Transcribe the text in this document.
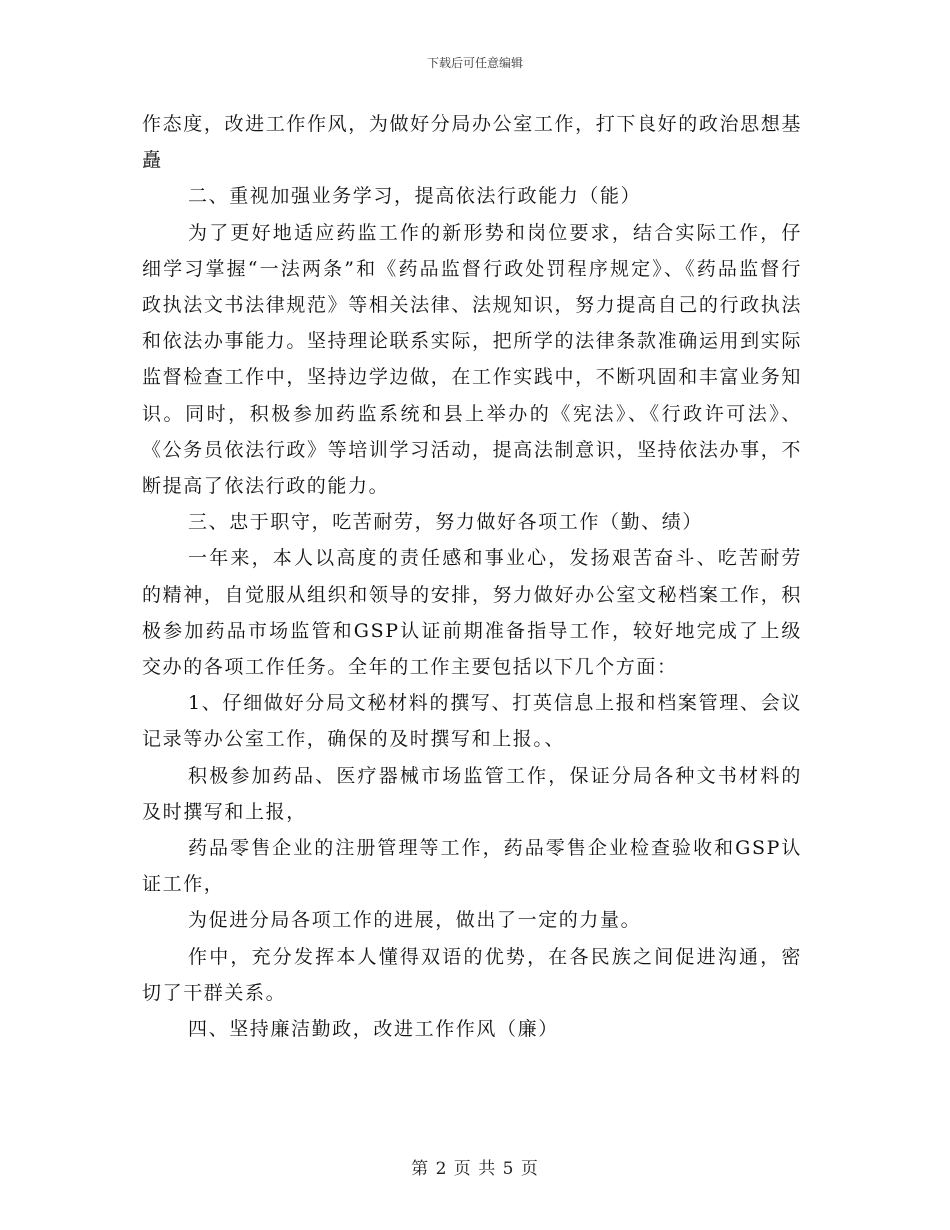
下载后可任意编辑

作态度，改进工作作风，为做好分局办公室工作，打下良好的政治思想基矗

二、重视加强业务学习，提高依法行政能力（能）

为了更好地适应药监工作的新形势和岗位要求，结合实际工作，仔细学习掌握“一法两条”和《药品监督行政处罚程序规定》、《药品监督行政执法文书法律规范》等相关法律、法规知识，努力提高自己的行政执法和依法办事能力。坚持理论联系实际，把所学的法律条款准确运用到实际监督检查工作中，坚持边学边做，在工作实践中，不断巩固和丰富业务知识。同时，积极参加药监系统和县上举办的《宪法》、《行政许可法》、《公务员依法行政》等培训学习活动，提高法制意识，坚持依法办事，不断提高了依法行政的能力。

三、忠于职守，吃苦耐劳，努力做好各项工作（勤、绩）

一年来，本人以高度的责任感和事业心，发扬艰苦奋斗、吃苦耐劳的精神，自觉服从组织和领导的安排，努力做好办公室文秘档案工作，积极参加药品市场监管和GSP认证前期准备指导工作，较好地完成了上级交办的各项工作任务。全年的工作主要包括以下几个方面：

1、仔细做好分局文秘材料的撰写、打英信息上报和档案管理、会议记录等办公室工作，确保的及时撰写和上报。、

积极参加药品、医疗器械市场监管工作，保证分局各种文书材料的及时撰写和上报，

药品零售企业的注册管理等工作，药品零售企业检查验收和GSP认证工作，

为促进分局各项工作的进展，做出了一定的力量。

作中，充分发挥本人懂得双语的优势，在各民族之间促进沟通，密切了干群关系。

四、坚持廉洁勤政，改进工作作风（廉）

第 2 页 共 5 页
